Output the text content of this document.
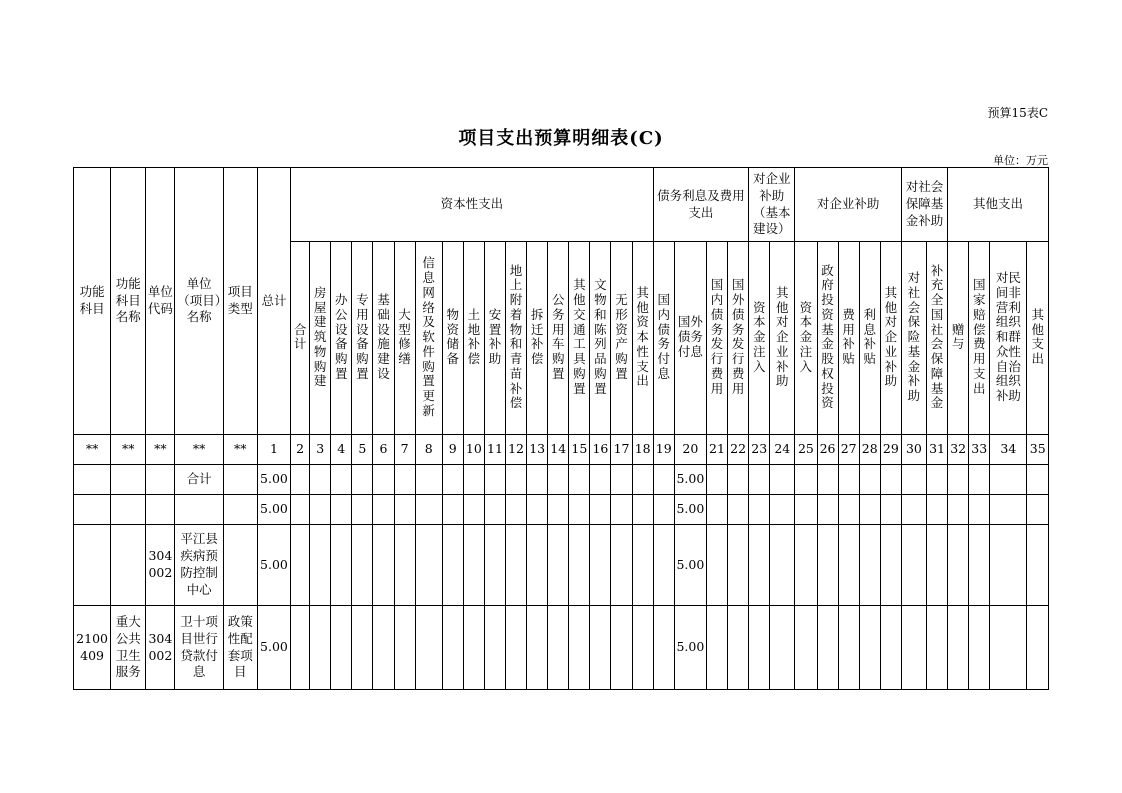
预算15表C
项目支出预算明细表(C)
单位：万元
功能科目	功能科目名称	单位代码	单位（项目）名称	项目类型	总计	资本性支出																	债务利息及费用支出				对企业补助（基本建设）		对企业补助					对社会保障基金补助		其他支出			
						合计	房屋建筑物购建	办公设备购置	专用设备购置	基础设施建设	大型修缮	信息网络及软件购置更新	物资储备	土地补偿	安置补助	地上附着物和青苗补偿	拆迁补偿	公务用车购置	其他交通工具购置	文物和陈列品购置	无形资产购置	其他资本性支出	国内债务付息	国外债务付息	国内债务发行费用	国外债务发行费用	资本金注入	其他对企业补助	资本金注入	政府投资基金股权投资	费用补贴	利息补贴	其他对企业补助	对社会保险基金补助	补充全国社会保障基金	赠与	国家赔偿费用支出	对民间非营利组织和群众性自治组织补助	其他支出
**	**	**	**	**	1	2	3	4	5	6	7	8	9	10	11	12	13	14	15	16	17	18	19	20	21	22	23	24	25	26	27	28	29	30	31	32	33	34	35
			合计		5.00																			5.00															
					5.00																			5.00															
		304002	平江县疾病预防控制中心		5.00																			5.00															
2100409	重大公共卫生服务	304002	卫十项目世行贷款付息	政策性配套项目	5.00																			5.00															
